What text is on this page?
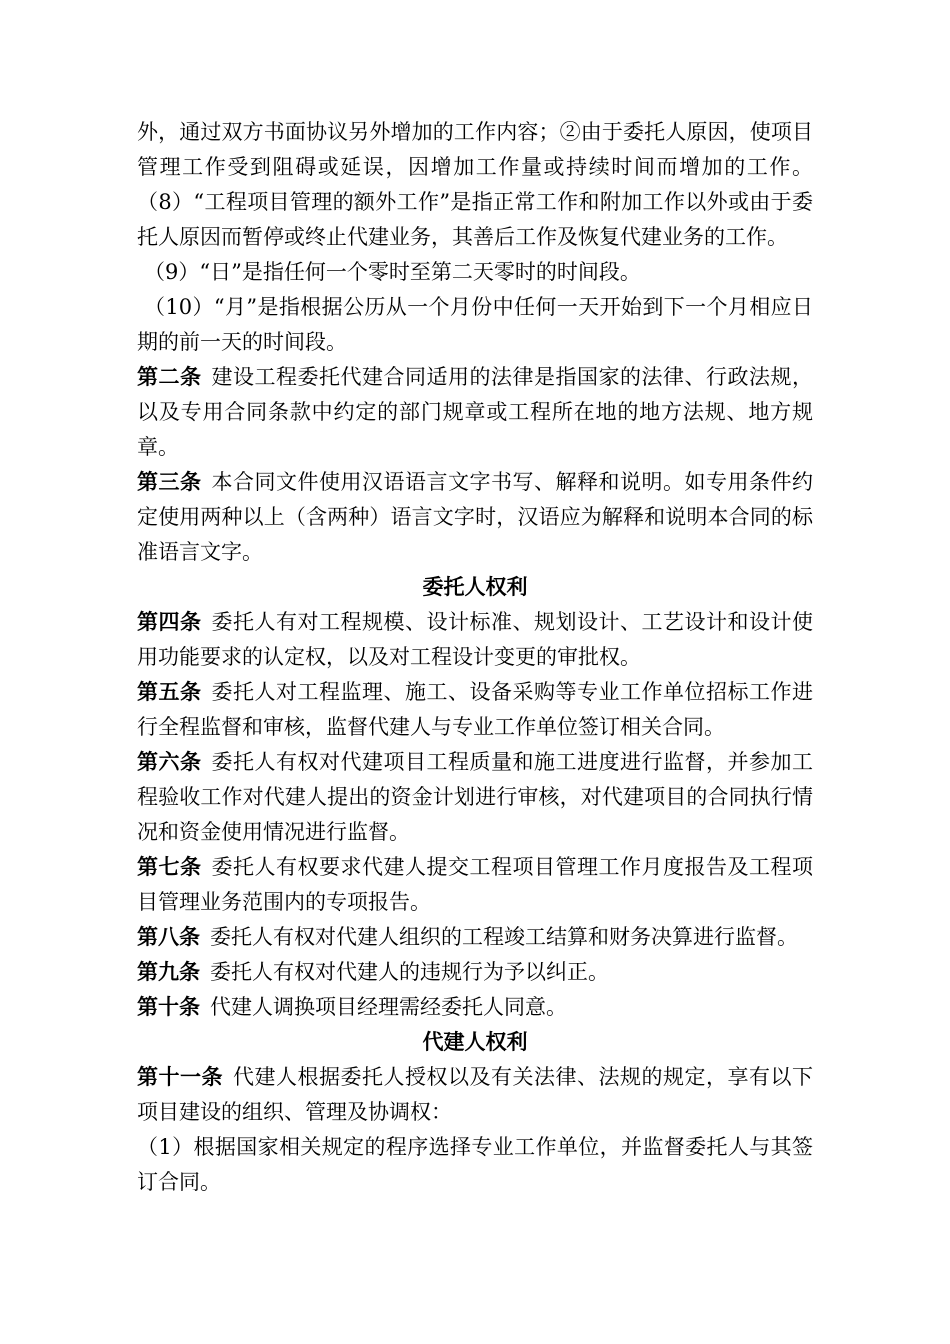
外，通过双方书面协议另外增加的工作内容；②由于委托人原因，使项目管理工作受到阻碍或延误，因增加工作量或持续时间而增加的工作。（8）“工程项目管理的额外工作”是指正常工作和附加工作以外或由于委托人原因而暂停或终止代建业务，其善后工作及恢复代建业务的工作。

（9）“日”是指任何一个零时至第二天零时的时间段。

（10）“月”是指根据公历从一个月份中任何一天开始到下一个月相应日期的前一天的时间段。

第二条 建设工程委托代建合同适用的法律是指国家的法律、行政法规，以及专用合同条款中约定的部门规章或工程所在地的地方法规、地方规章。

第三条 本合同文件使用汉语语言文字书写、解释和说明。如专用条件约定使用两种以上（含两种）语言文字时，汉语应为解释和说明本合同的标准语言文字。

委托人权利

第四条 委托人有对工程规模、设计标准、规划设计、工艺设计和设计使用功能要求的认定权，以及对工程设计变更的审批权。

第五条 委托人对工程监理、施工、设备采购等专业工作单位招标工作进行全程监督和审核，监督代建人与专业工作单位签订相关合同。

第六条 委托人有权对代建项目工程质量和施工进度进行监督，并参加工程验收工作对代建人提出的资金计划进行审核，对代建项目的合同执行情况和资金使用情况进行监督。

第七条 委托人有权要求代建人提交工程项目管理工作月度报告及工程项目管理业务范围内的专项报告。

第八条 委托人有权对代建人组织的工程竣工结算和财务决算进行监督。

第九条 委托人有权对代建人的违规行为予以纠正。

第十条 代建人调换项目经理需经委托人同意。

代建人权利

第十一条 代建人根据委托人授权以及有关法律、法规的规定，享有以下项目建设的组织、管理及协调权：

（1）根据国家相关规定的程序选择专业工作单位，并监督委托人与其签订合同。
